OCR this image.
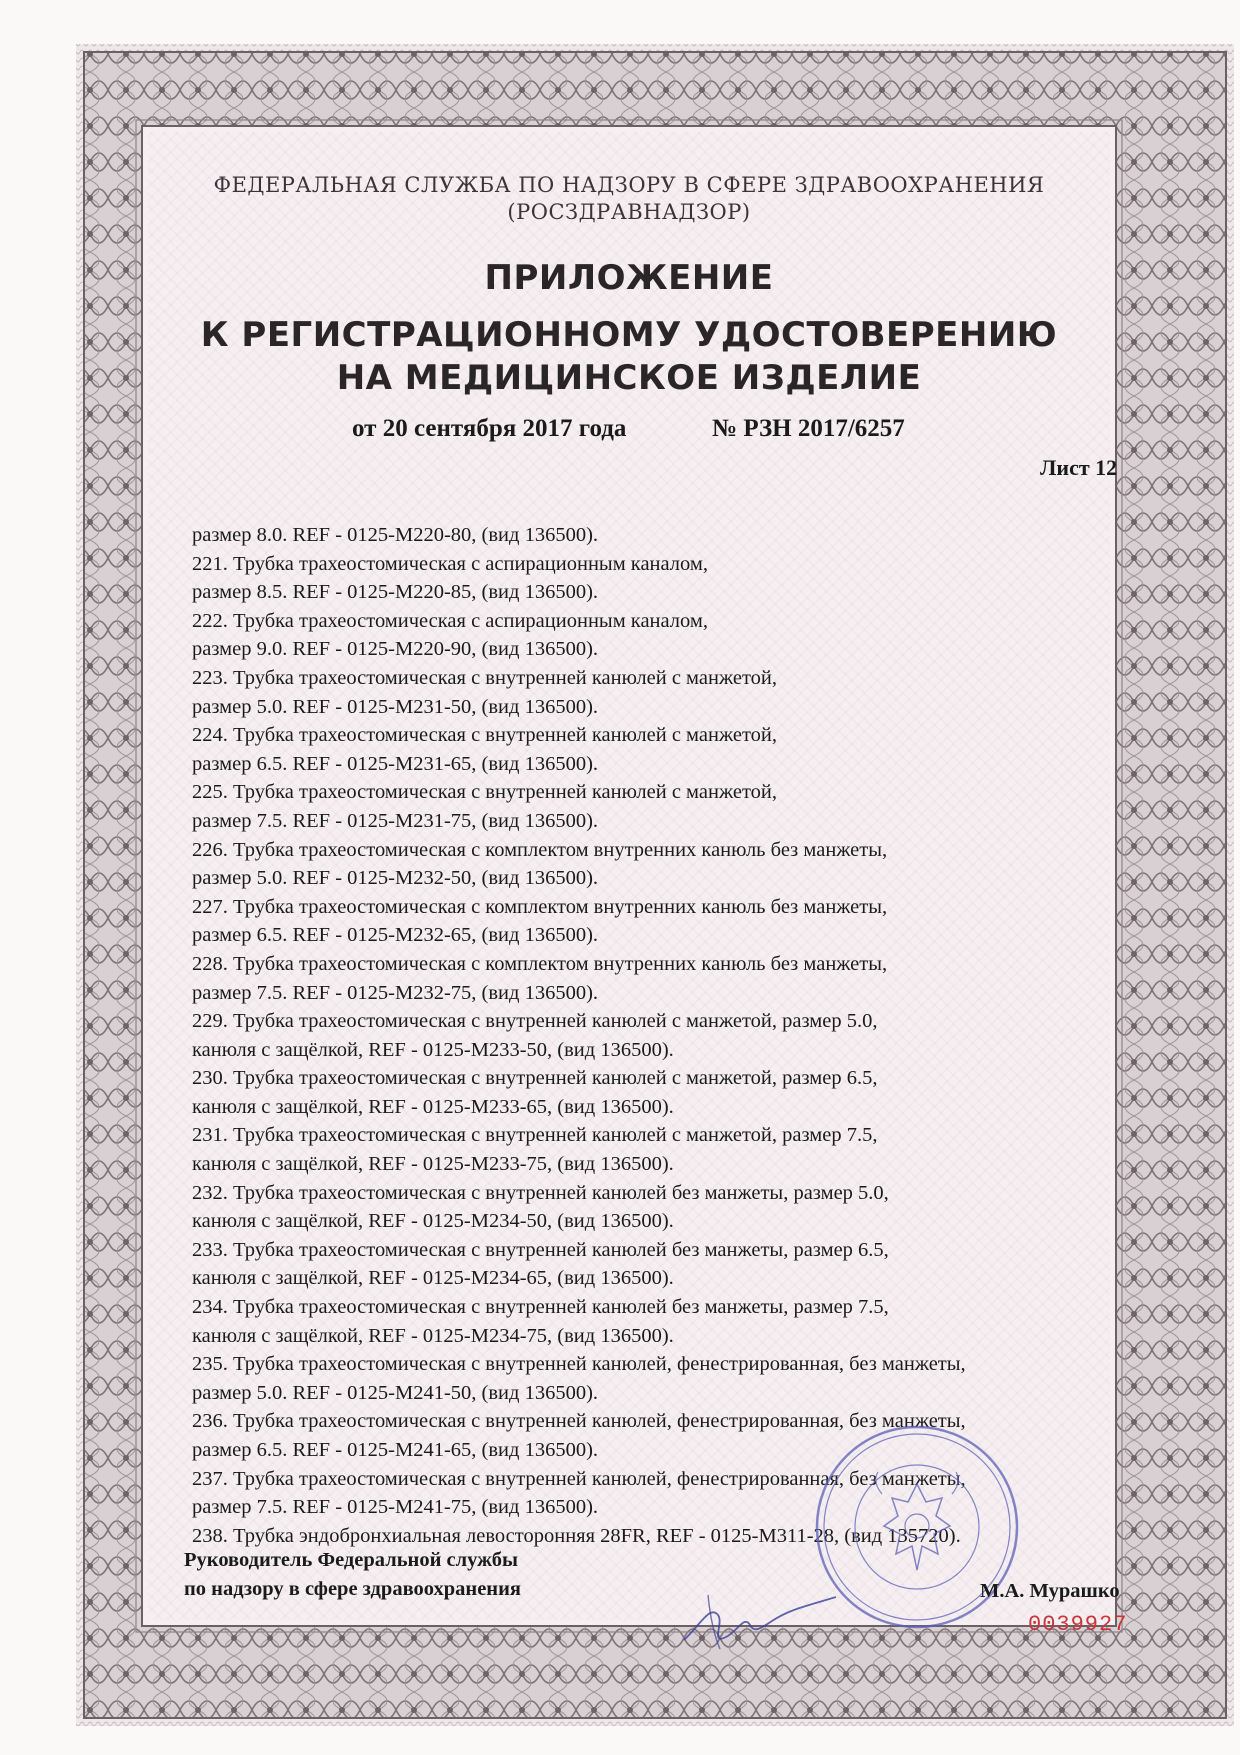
ФЕДЕРАЛЬНАЯ СЛУЖБА ПО НАДЗОРУ В СФЕРЕ ЗДРАВООХРАНЕНИЯ
(РОСЗДРАВНАДЗОР)
ПРИЛОЖЕНИЕ
К РЕГИСТРАЦИОННОМУ УДОСТОВЕРЕНИЮ
НА МЕДИЦИНСКОЕ ИЗДЕЛИЕ
от 20 сентября 2017 года	№ РЗН 2017/6257
Лист 12
размер 8.0. REF - 0125-M220-80, (вид 136500).
221. Трубка трахеостомическая с аспирационным каналом,
размер 8.5. REF - 0125-M220-85, (вид 136500).
222. Трубка трахеостомическая с аспирационным каналом,
размер 9.0. REF - 0125-M220-90, (вид 136500).
223. Трубка трахеостомическая с внутренней канюлей с манжетой,
размер 5.0. REF - 0125-M231-50, (вид 136500).
224. Трубка трахеостомическая с внутренней канюлей с манжетой,
размер 6.5. REF - 0125-M231-65, (вид 136500).
225. Трубка трахеостомическая с внутренней канюлей с манжетой,
размер 7.5. REF - 0125-M231-75, (вид 136500).
226. Трубка трахеостомическая с комплектом внутренних канюль без манжеты,
размер 5.0. REF - 0125-M232-50, (вид 136500).
227. Трубка трахеостомическая с комплектом внутренних канюль без манжеты,
размер 6.5. REF - 0125-M232-65, (вид 136500).
228. Трубка трахеостомическая с комплектом внутренних канюль без манжеты,
размер 7.5. REF - 0125-M232-75, (вид 136500).
229. Трубка трахеостомическая с внутренней канюлей с манжетой, размер 5.0,
канюля с защёлкой, REF - 0125-M233-50, (вид 136500).
230. Трубка трахеостомическая с внутренней канюлей с манжетой, размер 6.5,
канюля с защёлкой, REF - 0125-M233-65, (вид 136500).
231. Трубка трахеостомическая с внутренней канюлей с манжетой, размер 7.5,
канюля с защёлкой, REF - 0125-M233-75, (вид 136500).
232. Трубка трахеостомическая с внутренней канюлей без манжеты, размер 5.0,
канюля с защёлкой, REF - 0125-M234-50, (вид 136500).
233. Трубка трахеостомическая с внутренней канюлей без манжеты, размер 6.5,
канюля с защёлкой, REF - 0125-M234-65, (вид 136500).
234. Трубка трахеостомическая с внутренней канюлей без манжеты, размер 7.5,
канюля с защёлкой, REF - 0125-M234-75, (вид 136500).
235. Трубка трахеостомическая с внутренней канюлей, фенестрированная, без манжеты,
размер 5.0. REF - 0125-M241-50, (вид 136500).
236. Трубка трахеостомическая с внутренней канюлей, фенестрированная, без манжеты,
размер 6.5. REF - 0125-M241-65, (вид 136500).
237. Трубка трахеостомическая с внутренней канюлей, фенестрированная, без манжеты,
размер 7.5. REF - 0125-M241-75, (вид 136500).
238. Трубка эндобронхиальная левосторонняя 28FR, REF - 0125-M311-28, (вид 135720).
Руководитель Федеральной службы
по надзору в сфере здравоохранения	М.А. Мурашко
0039927
